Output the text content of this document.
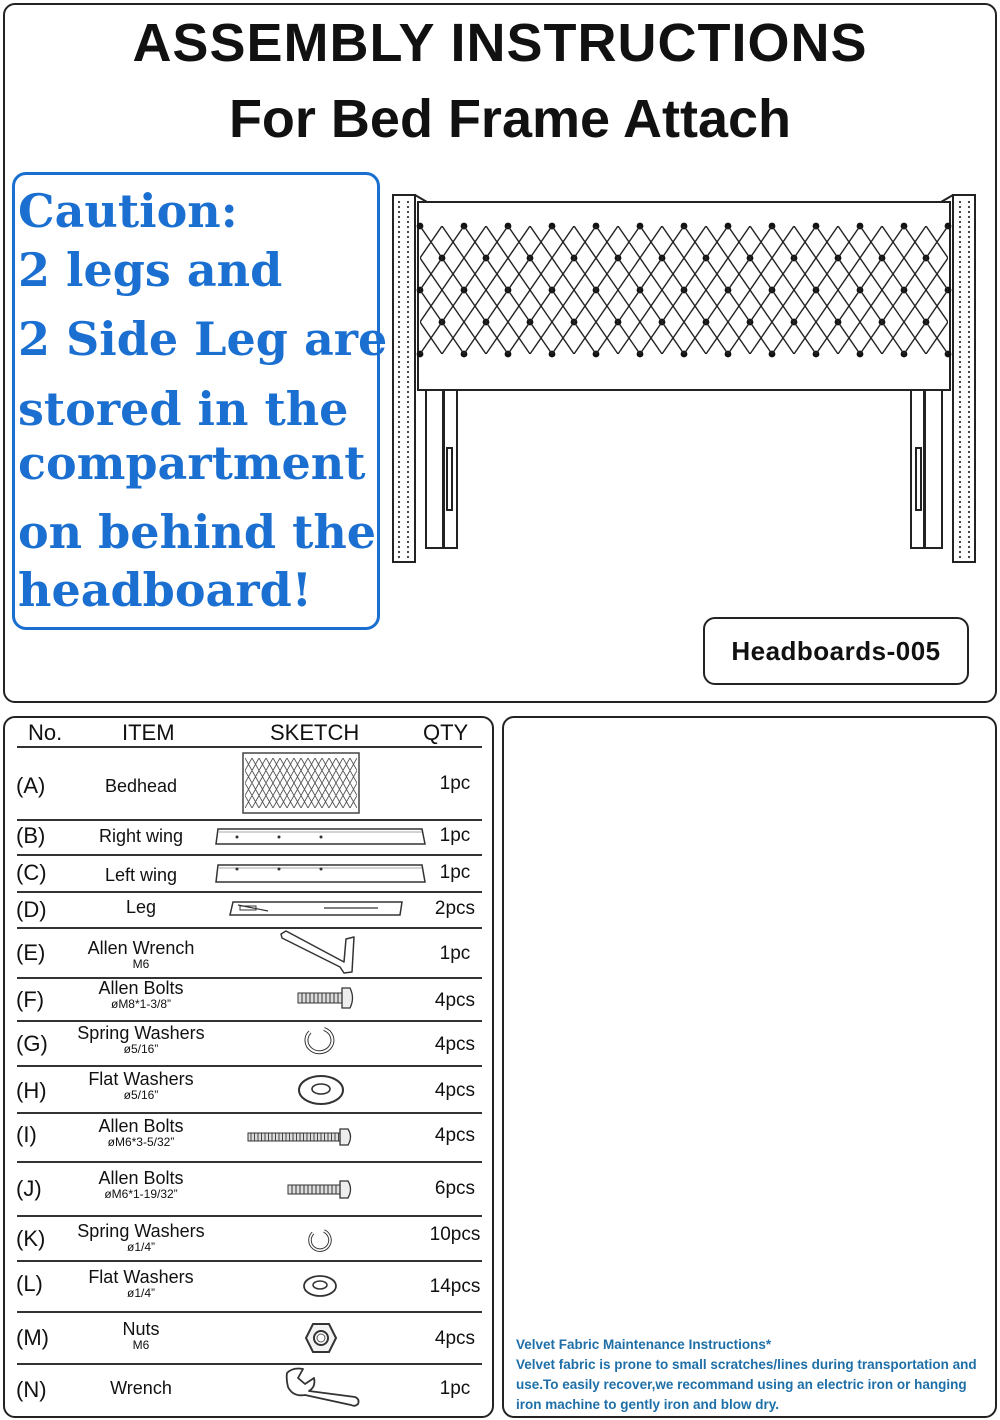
ASSEMBLY INSTRUCTIONS
For Bed Frame Attach
Caution:
2 legs and
2 Side Leg are
stored in the
compartment
on behind the
headboard!
Headboards-005
No.	ITEM	SKETCH	QTY
(A)	Bedhead	1pc
(B)	Right wing	1pc
(C)	Left wing	1pc
(D)	Leg	2pcs
(E)	Allen Wrench
M6	1pc
(F)	Allen Bolts
øM8*1-3/8”	4pcs
(G)	Spring Washers
ø5/16”	4pcs
(H)	Flat Washers
ø5/16”	4pcs
(I)	Allen Bolts
øM6*3-5/32”	4pcs
(J)	Allen Bolts
øM6*1-19/32”	6pcs
(K)	Spring Washers
ø1/4”
10pcs
(L)	Flat Washers
ø1/4”	14pcs
(M)	Nuts
M6	4pcs
(N)	Wrench	1pc
Velvet Fabric Maintenance Instructions*
Velvet fabric is prone to small scratches/lines during transportation and use.To easily recover,we recommand using an electric iron or hanging iron machine to gently iron and blow dry.
